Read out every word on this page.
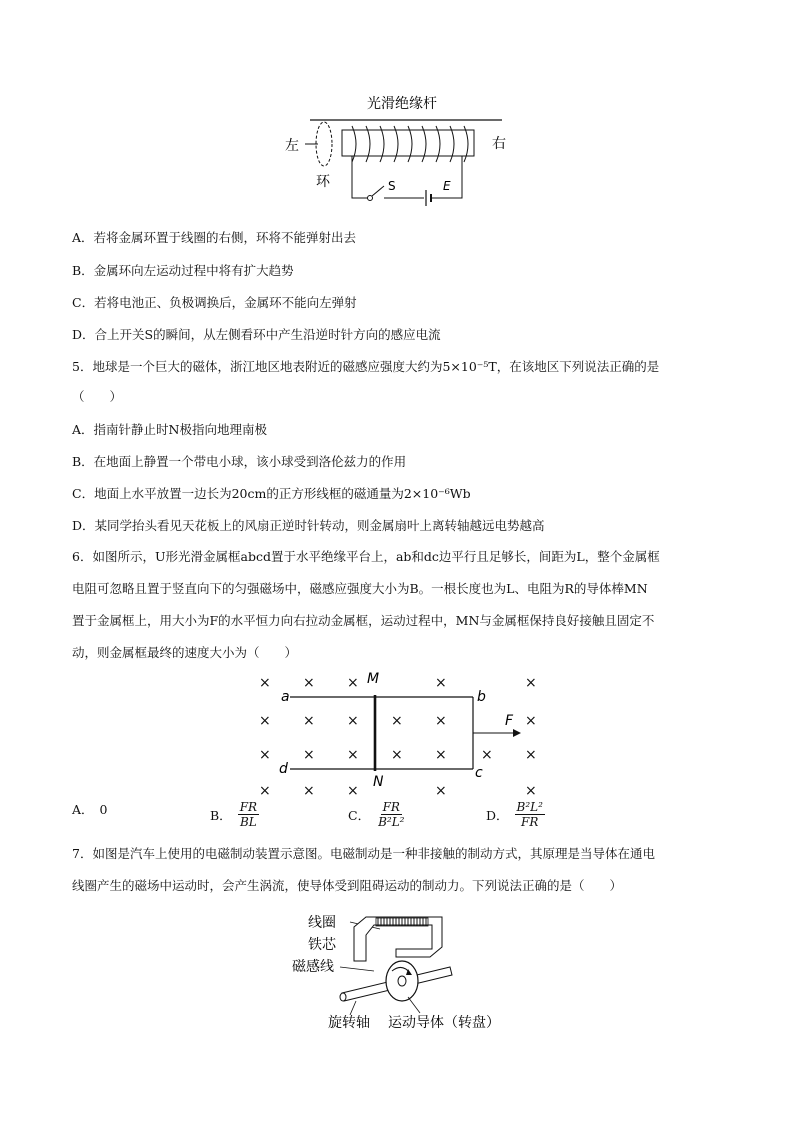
光滑绝缘杆
左
环
右
S	E
A．若将金属环置于线圈的右侧，环将不能弹射出去
B．金属环向左运动过程中将有扩大趋势
C．若将电池正、负极调换后，金属环不能向左弹射
D．合上开关S的瞬间，从左侧看环中产生沿逆时针方向的感应电流
5．地球是一个巨大的磁体，浙江地区地表附近的磁感应强度大约为5×10⁻⁵T，在该地区下列说法正确的是
（　　）
A．指南针静止时N极指向地理南极
B．在地面上静置一个带电小球，该小球受到洛伦兹力的作用
C．地面上水平放置一边长为20cm的正方形线框的磁通量为2×10⁻⁶Wb
D．某同学抬头看见天花板上的风扇正逆时针转动，则金属扇叶上离转轴越远电势越高
6．如图所示，U形光滑金属框abcd置于水平绝缘平台上，ab和dc边平行且足够长，间距为L，整个金属框
电阻可忽略且置于竖直向下的匀强磁场中，磁感应强度大小为B。一根长度也为L、电阻为R的导体棒MN
置于金属框上，用大小为F的水平恒力向右拉动金属框，运动过程中，MN与金属框保持良好接触且固定不
动，则金属框最终的速度大小为（　　）
× × ×	×	×
× × × × ×	×
× × × × × × ×
× × ×	×	×
M
N
a	b
c
d
F
A． 0	B． $\frac{FR}{BL}$	C． $\frac{FR}{\text{B²L²}}$	D． $\frac{\text{B²L²}}{FR}$
7．如图是汽车上使用的电磁制动装置示意图。电磁制动是一种非接触的制动方式，其原理是当导体在通电
线圈产生的磁场中运动时，会产生涡流，使导体受到阻碍运动的制动力。下列说法正确的是（　　）
线圈
铁芯
磁感线
旋转轴 运动导体（转盘）
